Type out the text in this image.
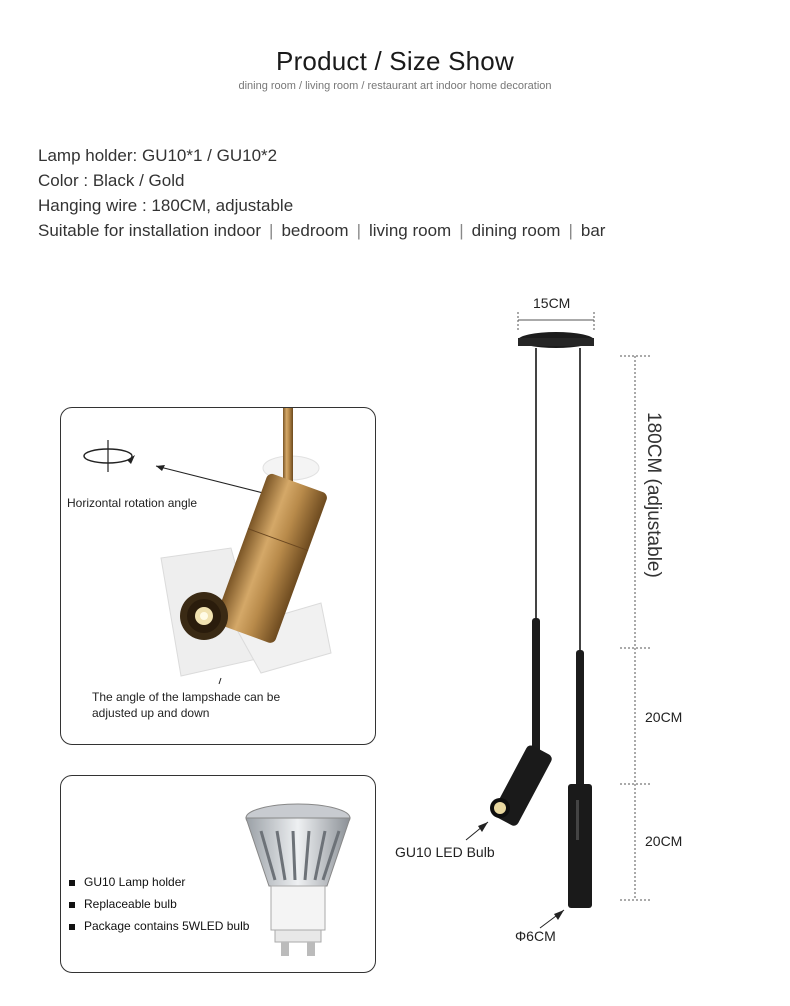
Product / Size Show
dining room / living room / restaurant art indoor home decoration
Lamp holder: GU10*1 / GU10*2
Color : Black / Gold
Hanging wire : 180CM, adjustable
Suitable for installation indoor | bedroom | living room | dining room | bar
Horizontal rotation angle
The angle of the lampshade can be
adjusted up and down
GU10 Lamp holder
Replaceable bulb
Package contains 5WLED bulb
15CM
180CM (adjustable)
20CM
20CM
GU10 LED Bulb
Φ6CM
